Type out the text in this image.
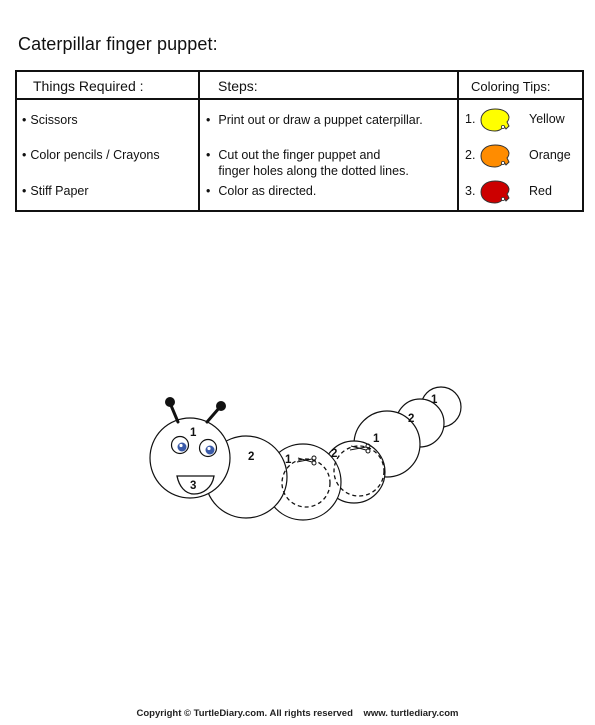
Caterpillar finger puppet:
Things Required :
• Scissors
• Color pencils / Crayons
• Stiff Paper
Steps:
• Print out or draw a puppet caterpillar.
• Cut out the finger puppet and
finger holes along the dotted lines.
• Color as directed.
Coloring Tips:
1.	Yellow
2.	Orange
3.	Red
1
2
3
1	2
1
2
1
Copyright © TurtleDiary.com. All rights reserved www. turtlediary.com
